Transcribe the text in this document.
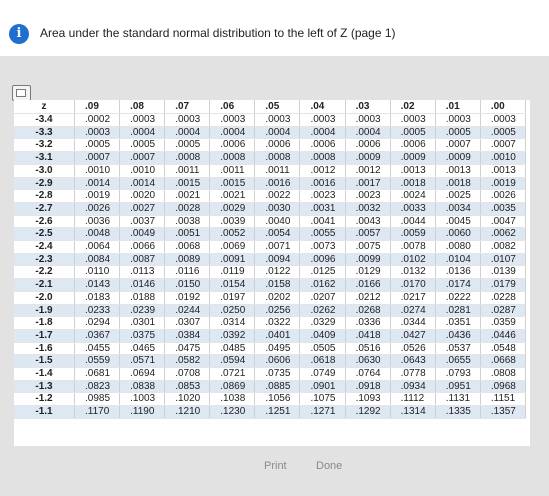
i	Area under the standard normal distribution to the left of Z (page 1)
z	.09	.08	.07	.06	.05	.04	.03	.02	.01	.00
-3.4	.0002	.0003	.0003	.0003	.0003	.0003	.0003	.0003	.0003	.0003
-3.3	.0003	.0004	.0004	.0004	.0004	.0004	.0004	.0005	.0005	.0005
-3.2	.0005	.0005	.0005	.0006	.0006	.0006	.0006	.0006	.0007	.0007
-3.1	.0007	.0007	.0008	.0008	.0008	.0008	.0009	.0009	.0009	.0010
-3.0	.0010	.0010	.0011	.0011	.0011	.0012	.0012	.0013	.0013	.0013
-2.9	.0014	.0014	.0015	.0015	.0016	.0016	.0017	.0018	.0018	.0019
-2.8	.0019	.0020	.0021	.0021	.0022	.0023	.0023	.0024	.0025	.0026
-2.7	.0026	.0027	.0028	.0029	.0030	.0031	.0032	.0033	.0034	.0035
-2.6	.0036	.0037	.0038	.0039	.0040	.0041	.0043	.0044	.0045	.0047
-2.5	.0048	.0049	.0051	.0052	.0054	.0055	.0057	.0059	.0060	.0062
-2.4	.0064	.0066	.0068	.0069	.0071	.0073	.0075	.0078	.0080	.0082
-2.3	.0084	.0087	.0089	.0091	.0094	.0096	.0099	.0102	.0104	.0107
-2.2	.0110	.0113	.0116	.0119	.0122	.0125	.0129	.0132	.0136	.0139
-2.1	.0143	.0146	.0150	.0154	.0158	.0162	.0166	.0170	.0174	.0179
-2.0	.0183	.0188	.0192	.0197	.0202	.0207	.0212	.0217	.0222	.0228
-1.9	.0233	.0239	.0244	.0250	.0256	.0262	.0268	.0274	.0281	.0287
-1.8	.0294	.0301	.0307	.0314	.0322	.0329	.0336	.0344	.0351	.0359
-1.7	.0367	.0375	.0384	.0392	.0401	.0409	.0418	.0427	.0436	.0446
-1.6	.0455	.0465	.0475	.0485	.0495	.0505	.0516	.0526	.0537	.0548
-1.5	.0559	.0571	.0582	.0594	.0606	.0618	.0630	.0643	.0655	.0668
-1.4	.0681	.0694	.0708	.0721	.0735	.0749	.0764	.0778	.0793	.0808
-1.3	.0823	.0838	.0853	.0869	.0885	.0901	.0918	.0934	.0951	.0968
-1.2	.0985	.1003	.1020	.1038	.1056	.1075	.1093	.1112	.1131	.1151
-1.1	.1170	.1190	.1210	.1230	.1251	.1271	.1292	.1314	.1335	.1357
Print	Done
